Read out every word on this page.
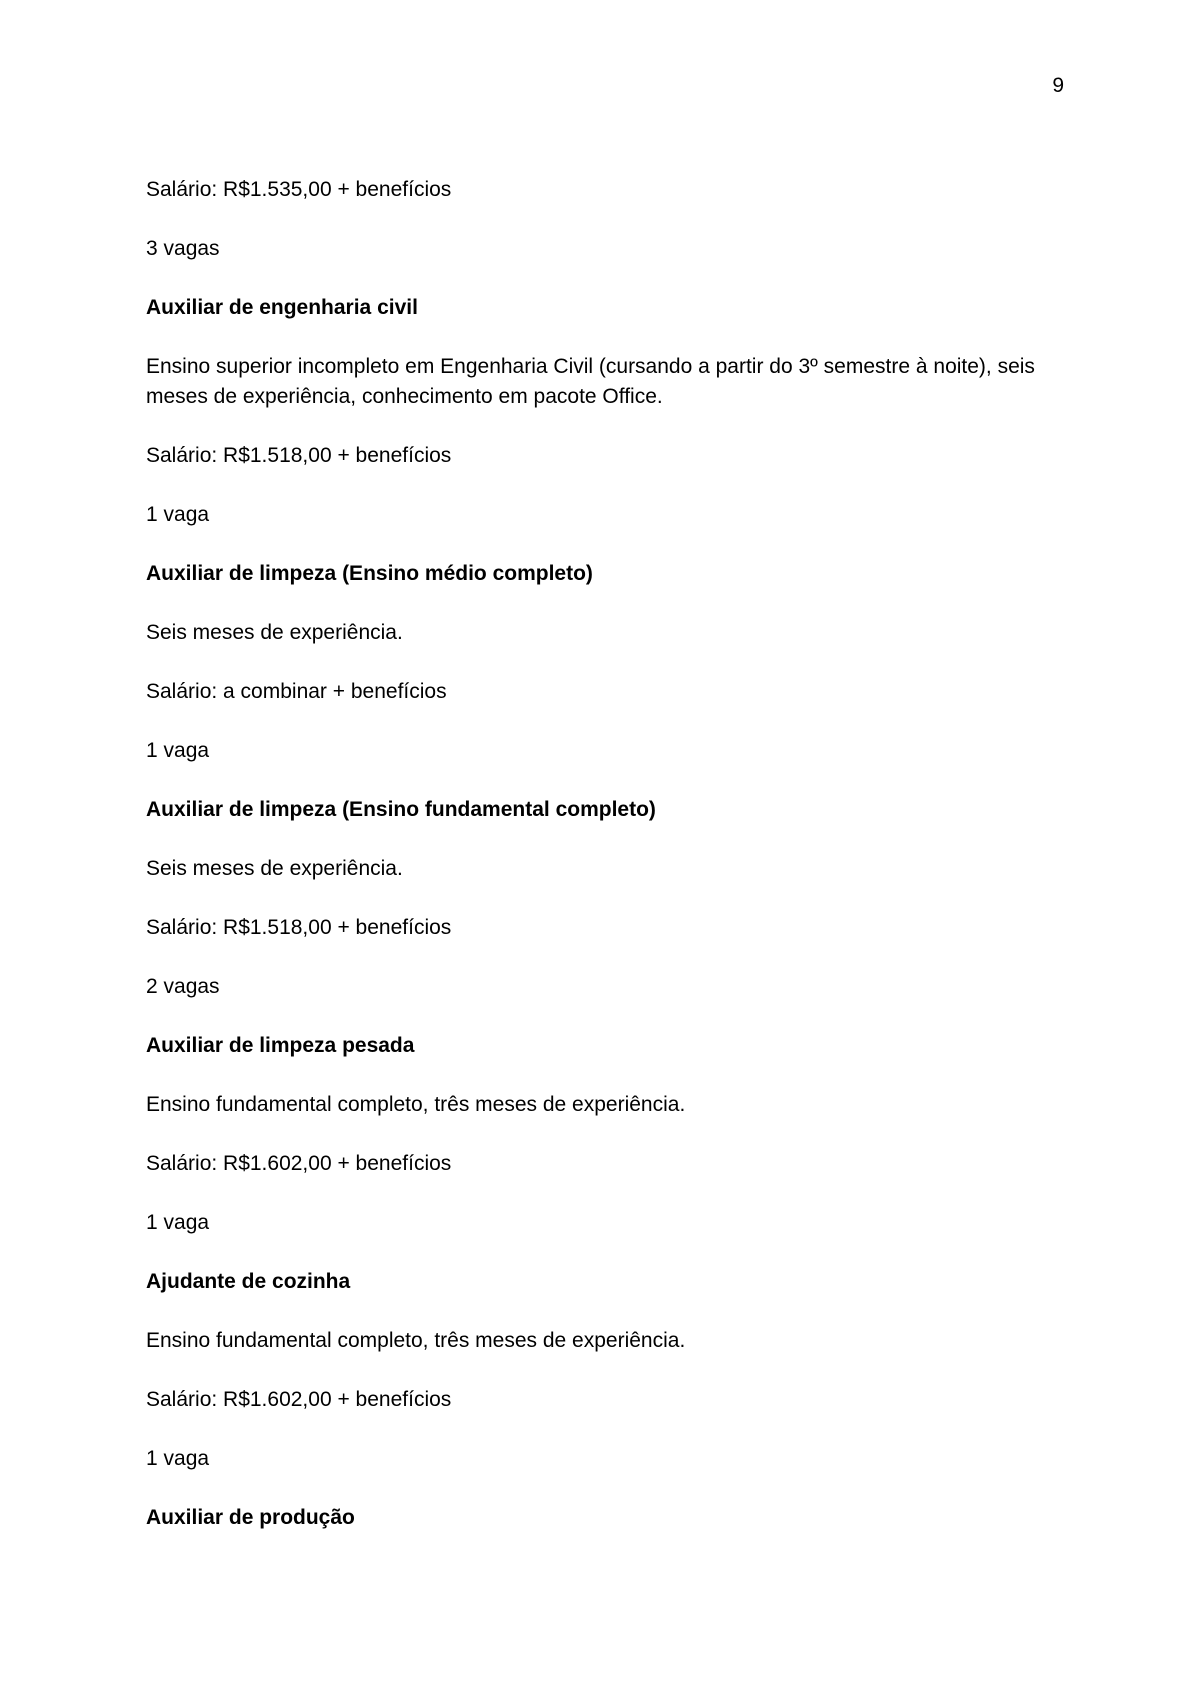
9

Salário: R$1.535,00 + benefícios

3 vagas

Auxiliar de engenharia civil

Ensino superior incompleto em Engenharia Civil (cursando a partir do 3º semestre à noite), seis meses de experiência, conhecimento em pacote Office.

Salário: R$1.518,00 + benefícios

1 vaga

Auxiliar de limpeza (Ensino médio completo)

Seis meses de experiência.

Salário: a combinar + benefícios

1 vaga

Auxiliar de limpeza (Ensino fundamental completo)

Seis meses de experiência.

Salário: R$1.518,00 + benefícios

2 vagas

Auxiliar de limpeza pesada

Ensino fundamental completo, três meses de experiência.

Salário: R$1.602,00 + benefícios

1 vaga

Ajudante de cozinha

Ensino fundamental completo, três meses de experiência.

Salário: R$1.602,00 + benefícios

1 vaga

Auxiliar de produção
